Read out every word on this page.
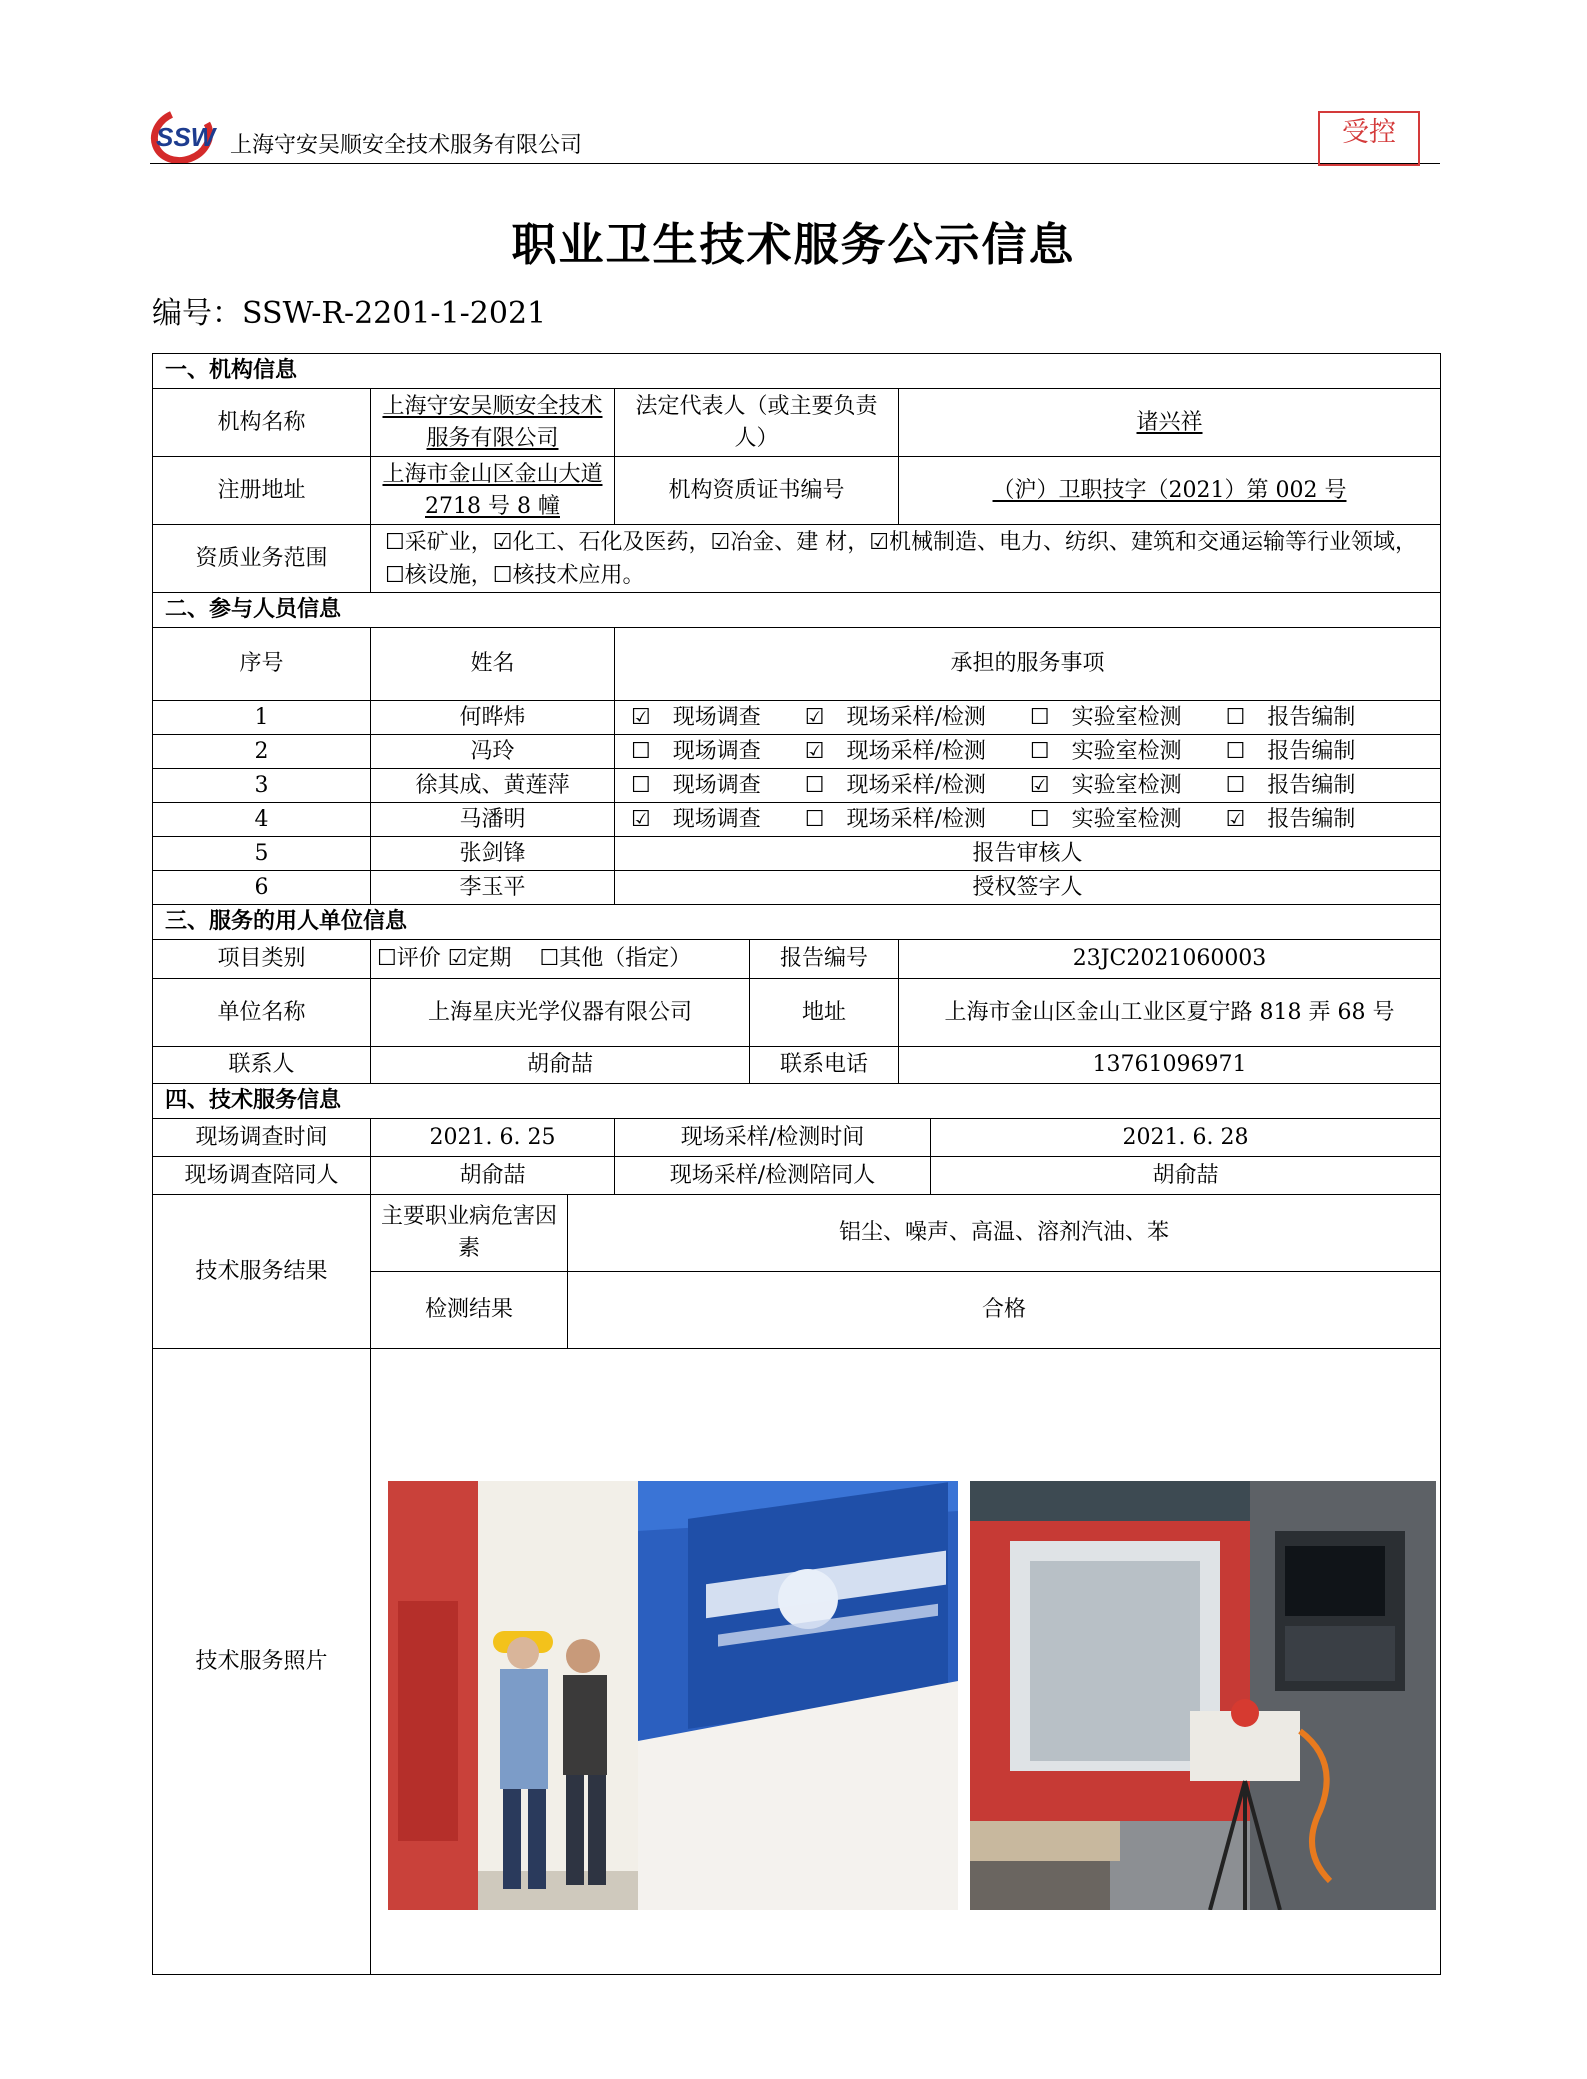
SSW 上海守安吴顺安全技术服务有限公司	受控
职业卫生技术服务公示信息
编号：SSW-R-2201-1-2021
一、机构信息						
机构名称	上海守安吴顺安全技术服务有限公司		法定代表人（或主要负责人）		诸兴祥	
注册地址	上海市金山区金山大道 2718 号 8 幢		机构资质证书编号		（沪）卫职技字（2021）第 002 号	
资质业务范围	☐采矿业，☑化工、石化及医药，☑冶金、建 材，☑机械制造、电力、纺织、建筑和交通运输等行业领域，☐核设施，☐核技术应用。					
二、参与人员信息						
序号	姓名		承担的服务事项			
1	何晔炜		☑ 现场调查 ☑ 现场采样/检测 ☐ 实验室检测 ☐ 报告编制			
2	冯玲		☐ 现场调查 ☑ 现场采样/检测 ☐ 实验室检测 ☐ 报告编制			
3	徐其成、黄莲萍		☐ 现场调查 ☐ 现场采样/检测 ☑ 实验室检测 ☐ 报告编制			
4	马潘明		☑ 现场调查 ☐ 现场采样/检测 ☐ 实验室检测 ☑ 报告编制			
5	张剑锋		报告审核人			
6	李玉平		授权签字人			
三、服务的用人单位信息						
项目类别	☐评价 ☑定期 ☐其他（指定）			报告编号	23JC2021060003	
单位名称	上海星庆光学仪器有限公司			地址	上海市金山区金山工业区夏宁路 818 弄 68 号	
联系人	胡俞喆			联系电话	13761096971	
四、技术服务信息						
现场调查时间	2021. 6. 25		现场采样/检测时间			2021. 6. 28
现场调查陪同人	胡俞喆		现场采样/检测陪同人			胡俞喆
技术服务结果	主要职业病危害因素	铝尘、噪声、高温、溶剂汽油、苯				
	检测结果	合格				
技术服务照片						
